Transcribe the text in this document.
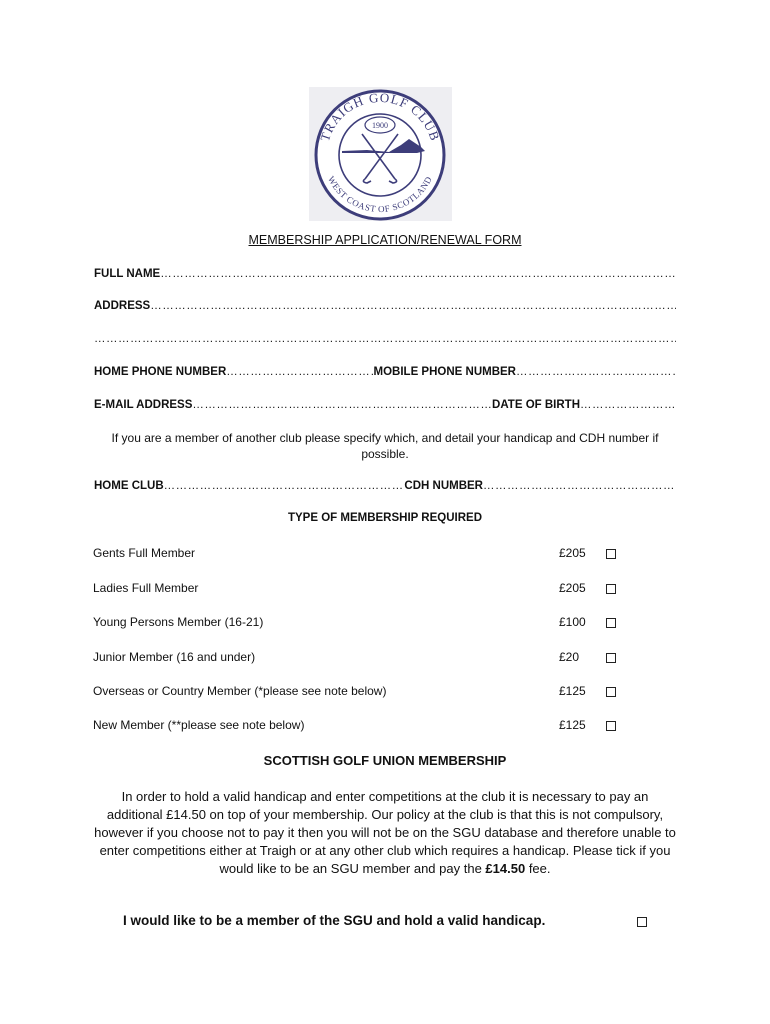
TRAIGH GOLF CLUB
WEST COAST OF SCOTLAND
1900
MEMBERSHIP APPLICATION/RENEWAL FORM
FULL NAME
……………………………………………………………………………………………………………………………………………………………………………………
ADDRESS
……………………………………………………………………………………………………………………………………………………………………………………
……………………………………………………………………………………………………………………………………………………………………………………
HOME PHONE NUMBER ……………………………………………………………………………………………………………………………………………………………………………………	MOBILE PHONE NUMBER
……………………………………………………………………………………………………………………………………………………………………………………
E-MAIL ADDRESS ……………………………………………………………………………………………………………………………………………………………………………………	DATE OF BIRTH
……………………………………………………………………………………………………………………………………………………………………………………
If you are a member of another club please specify which, and detail your handicap and CDH number if possible.
HOME CLUB ……………………………………………………………………………………………………………………………………………………………………………………	CDH NUMBER
……………………………………………………………………………………………………………………………………………………………………………………
TYPE OF MEMBERSHIP REQUIRED
Gents Full Member	£205
Ladies Full Member	£205
Young Persons Member (16-21)	£100
Junior Member (16 and under)	£20
Overseas or Country Member (*please see note below)	£125
New Member (**please see note below)	£125
SCOTTISH GOLF UNION MEMBERSHIP
In order to hold a valid handicap and enter competitions at the club it is necessary to pay an additional £14.50 on top of your membership. Our policy at the club is that this is not compulsory, however if you choose not to pay it then you will not be on the SGU database and therefore unable to enter competitions either at Traigh or at any other club which requires a handicap. Please tick if you would like to be an SGU member and pay the £14.50 fee.
I would like to be a member of the SGU and hold a valid handicap.
